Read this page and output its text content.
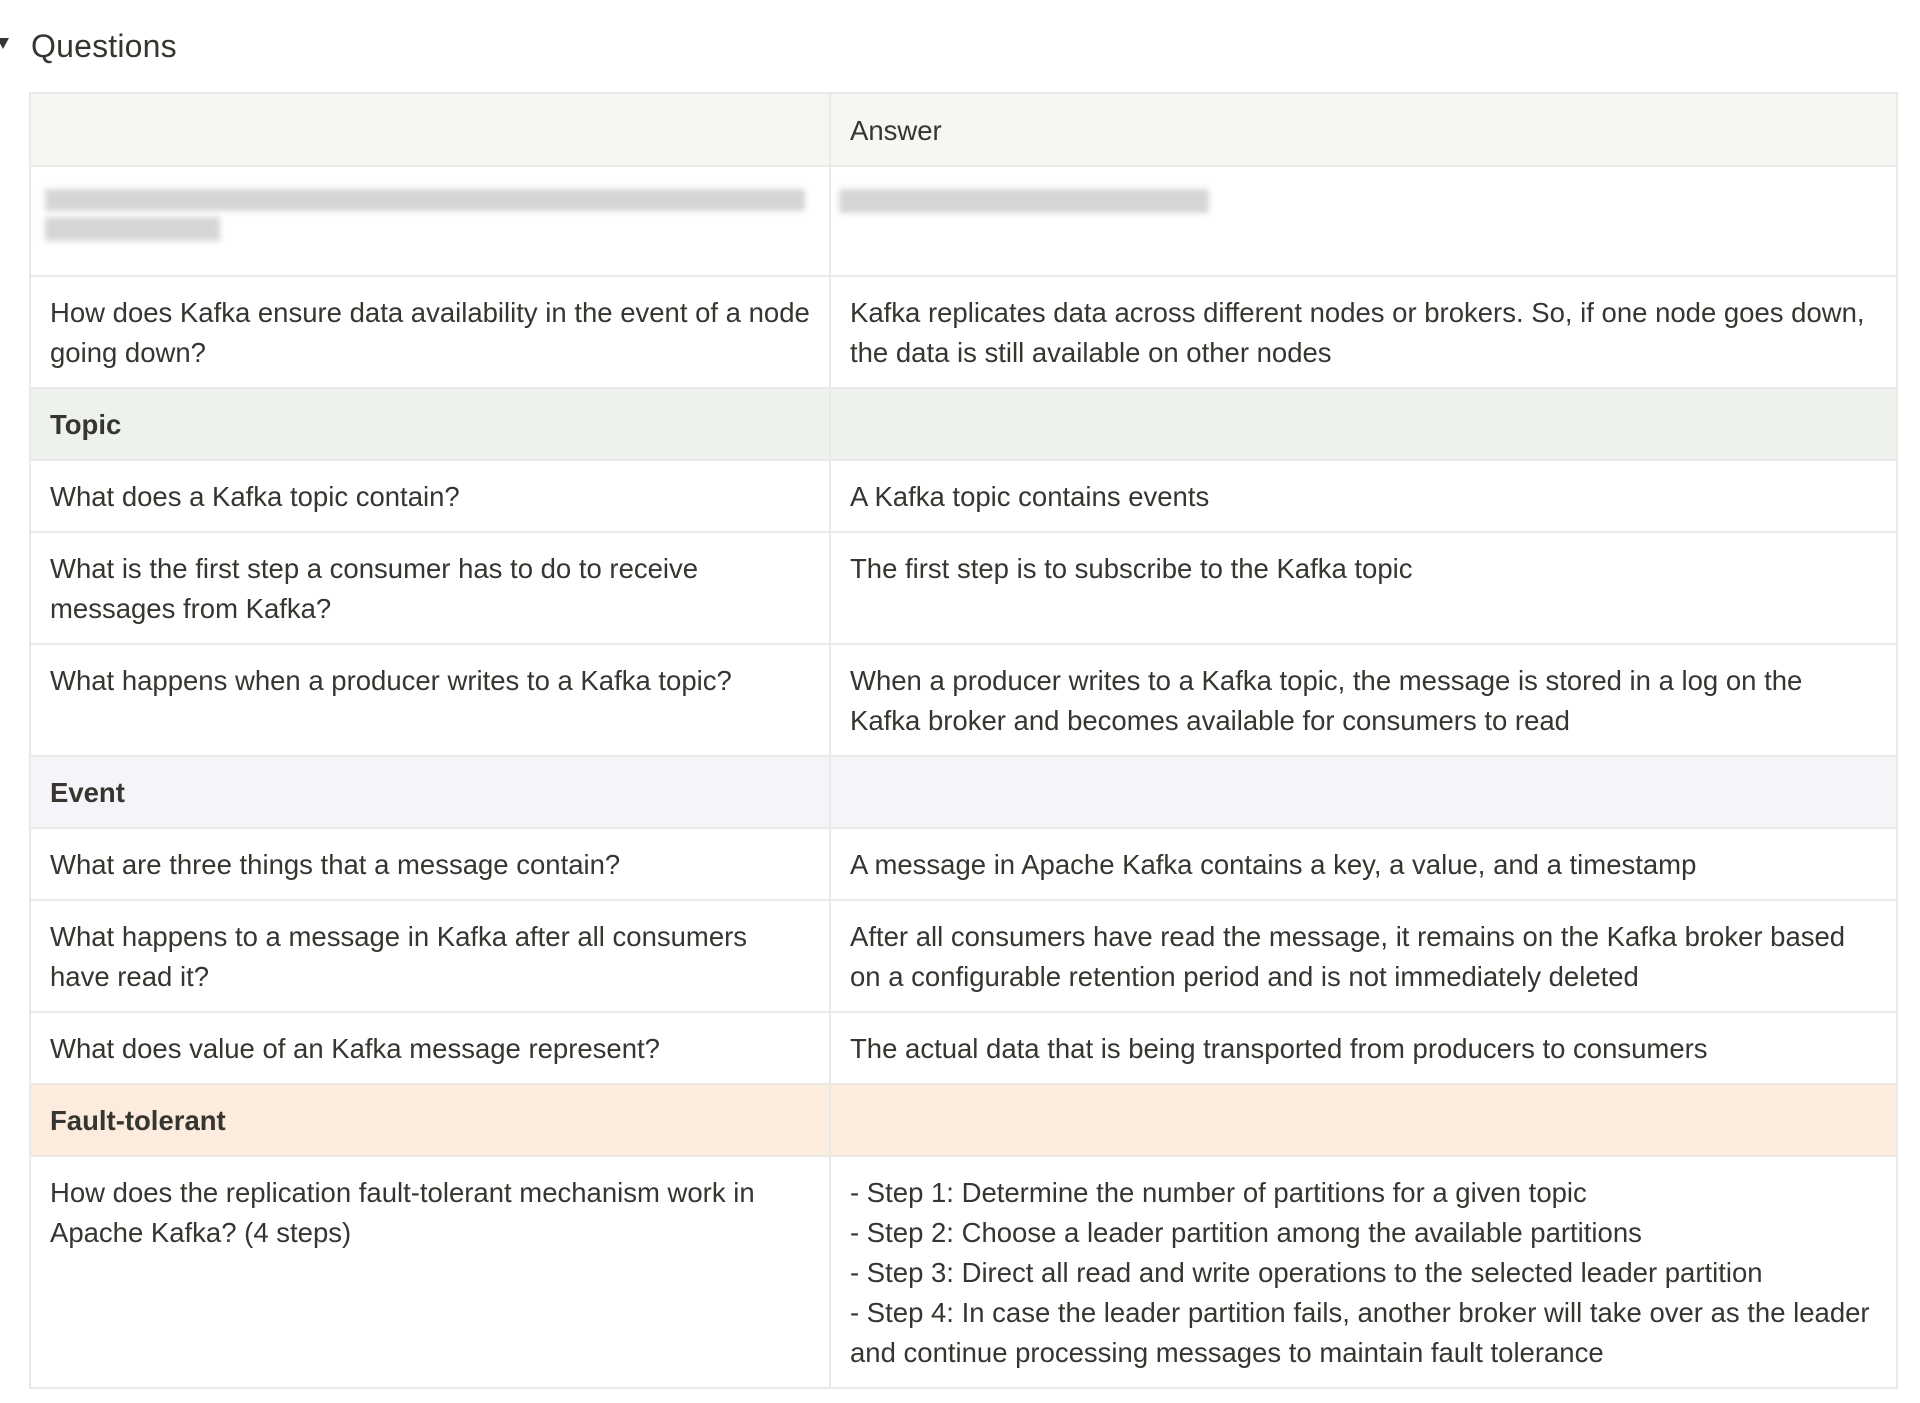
Questions
	Answer

How does Kafka ensure data availability in the event of a node going down?	Kafka replicates data across different nodes or brokers. So, if one node goes down, the data is still available on other nodes
Topic	
What does a Kafka topic contain?	A Kafka topic contains events
What is the first step a consumer has to do to receive messages from Kafka?	The first step is to subscribe to the Kafka topic
What happens when a producer writes to a Kafka topic?	When a producer writes to a Kafka topic, the message is stored in a log on the Kafka broker and becomes available for consumers to read
Event	
What are three things that a message contain?	A message in Apache Kafka contains a key, a value, and a timestamp
What happens to a message in Kafka after all consumers have read it?	After all consumers have read the message, it remains on the Kafka broker based on a configurable retention period and is not immediately deleted
What does value of an Kafka message represent?	The actual data that is being transported from producers to consumers
Fault-tolerant	
How does the replication fault-tolerant mechanism work in Apache Kafka? (4 steps)	- Step 1: Determine the number of partitions for a given topic
- Step 2: Choose a leader partition among the available partitions
- Step 3: Direct all read and write operations to the selected leader partition
- Step 4: In case the leader partition fails, another broker will take over as the leader and continue processing messages to maintain fault tolerance
